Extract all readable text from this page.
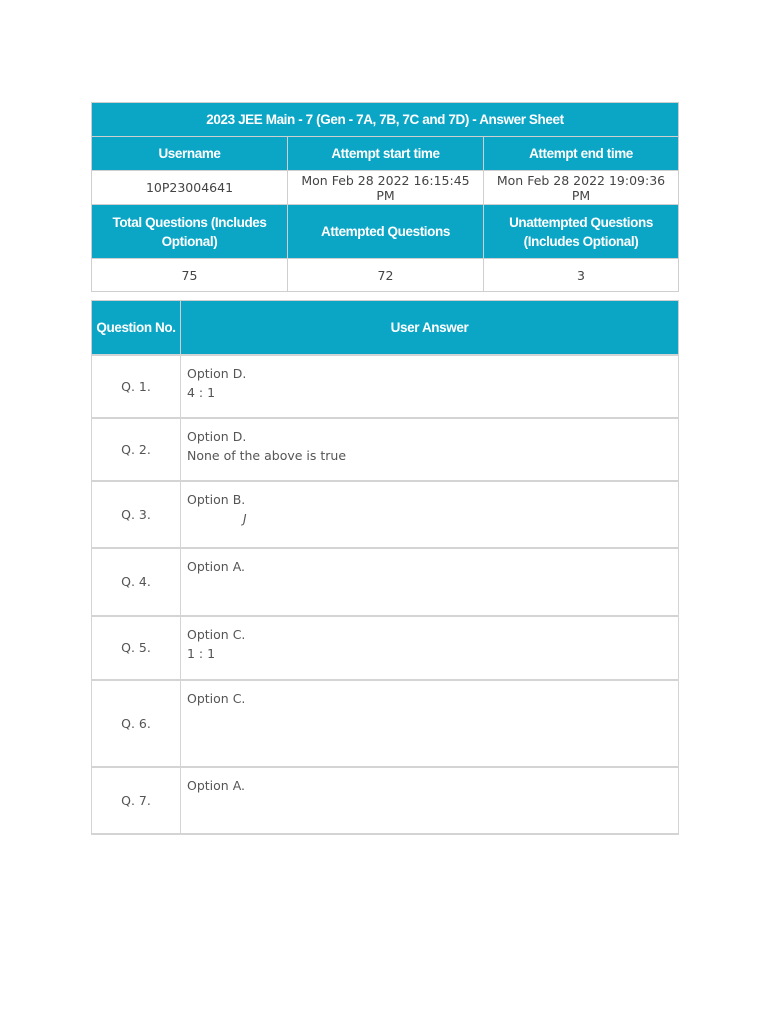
2023 JEE Main - 7 (Gen - 7A, 7B, 7C and 7D) - Answer Sheet		
Username	Attempt start time	Attempt end time
10P23004641	Mon Feb 28 2022 16:15:45 PM	Mon Feb 28 2022 19:09:36 PM
Total Questions (Includes Optional)	Attempted Questions	Unattempted Questions (Includes Optional)
75	72	3
Question No.	User Answer
Q. 1.	Option D.
4 : 1

Q. 2.	Option D.
None of the above is true

Q. 3.	Option B.
J

Q. 4.	Option A.

Q. 5.	Option C.
1 : 1

Q. 6.	Option C.

Q. 7.	Option A.
